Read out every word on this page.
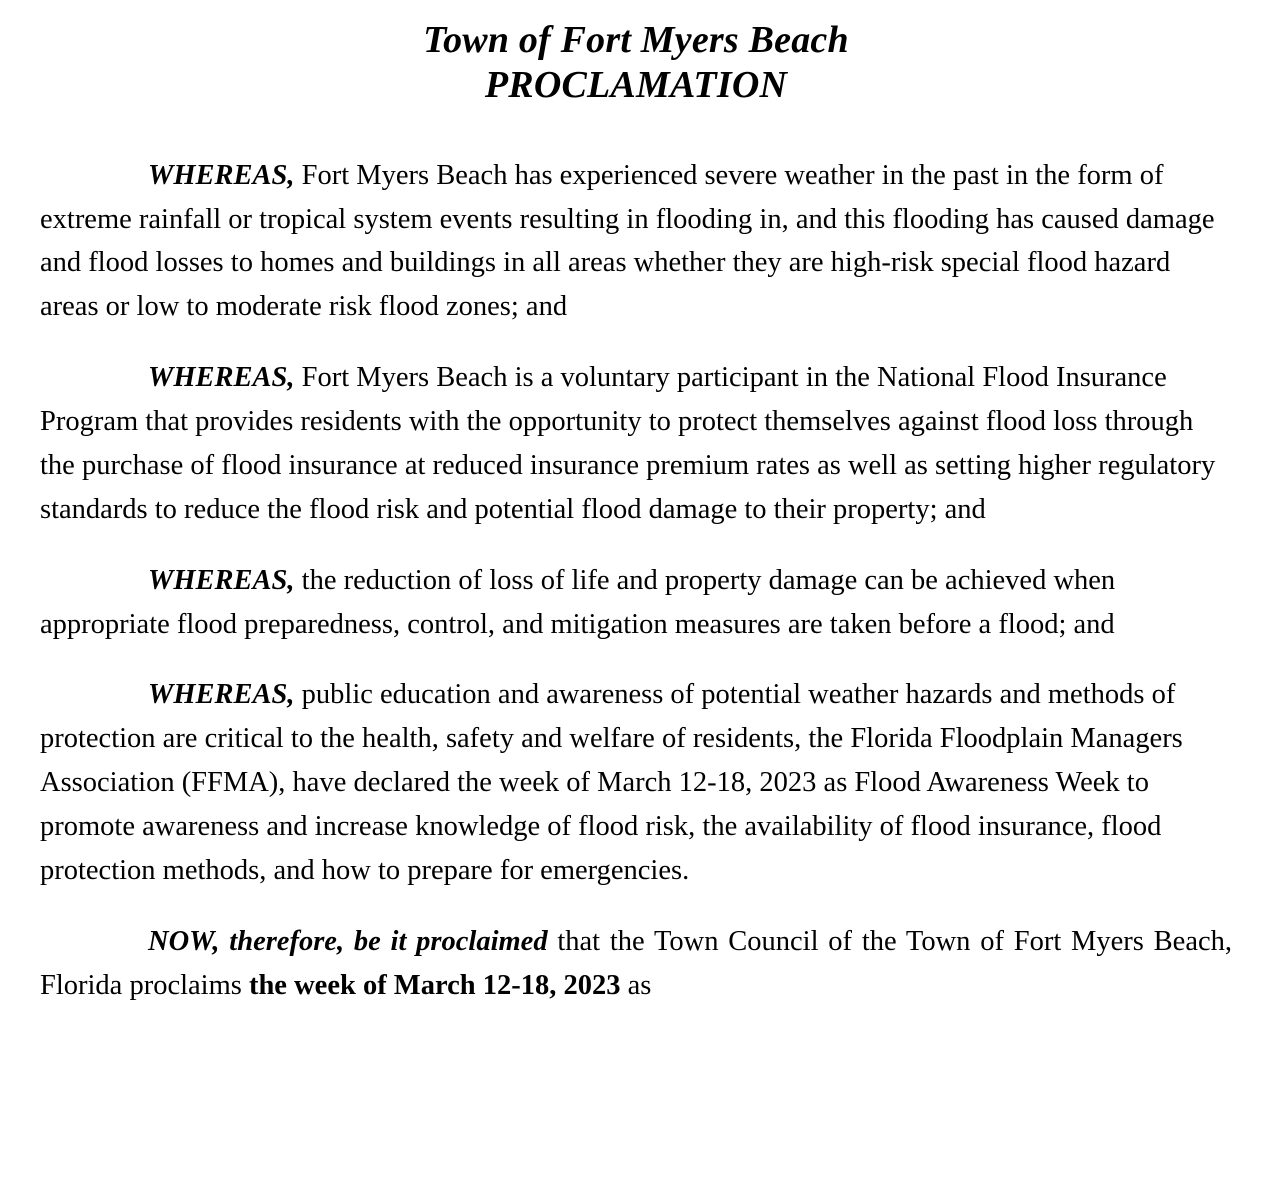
Town of Fort Myers Beach
PROCLAMATION

WHEREAS, Fort Myers Beach has experienced severe weather in the past in the form of extreme rainfall or tropical system events resulting in flooding in, and this flooding has caused damage and flood losses to homes and buildings in all areas whether they are high-risk special flood hazard areas or low to moderate risk flood zones; and

WHEREAS, Fort Myers Beach is a voluntary participant in the National Flood Insurance Program that provides residents with the opportunity to protect themselves against flood loss through the purchase of flood insurance at reduced insurance premium rates as well as setting higher regulatory standards to reduce the flood risk and potential flood damage to their property; and

WHEREAS, the reduction of loss of life and property damage can be achieved when appropriate flood preparedness, control, and mitigation measures are taken before a flood; and

WHEREAS, public education and awareness of potential weather hazards and methods of protection are critical to the health, safety and welfare of residents, the Florida Floodplain Managers Association (FFMA), have declared the week of March 12-18, 2023 as Flood Awareness Week to promote awareness and increase knowledge of flood risk, the availability of flood insurance, flood protection methods, and how to prepare for emergencies.

NOW, therefore, be it proclaimed that the Town Council of the Town of Fort Myers Beach, Florida proclaims the week of March 12-18, 2023 as
